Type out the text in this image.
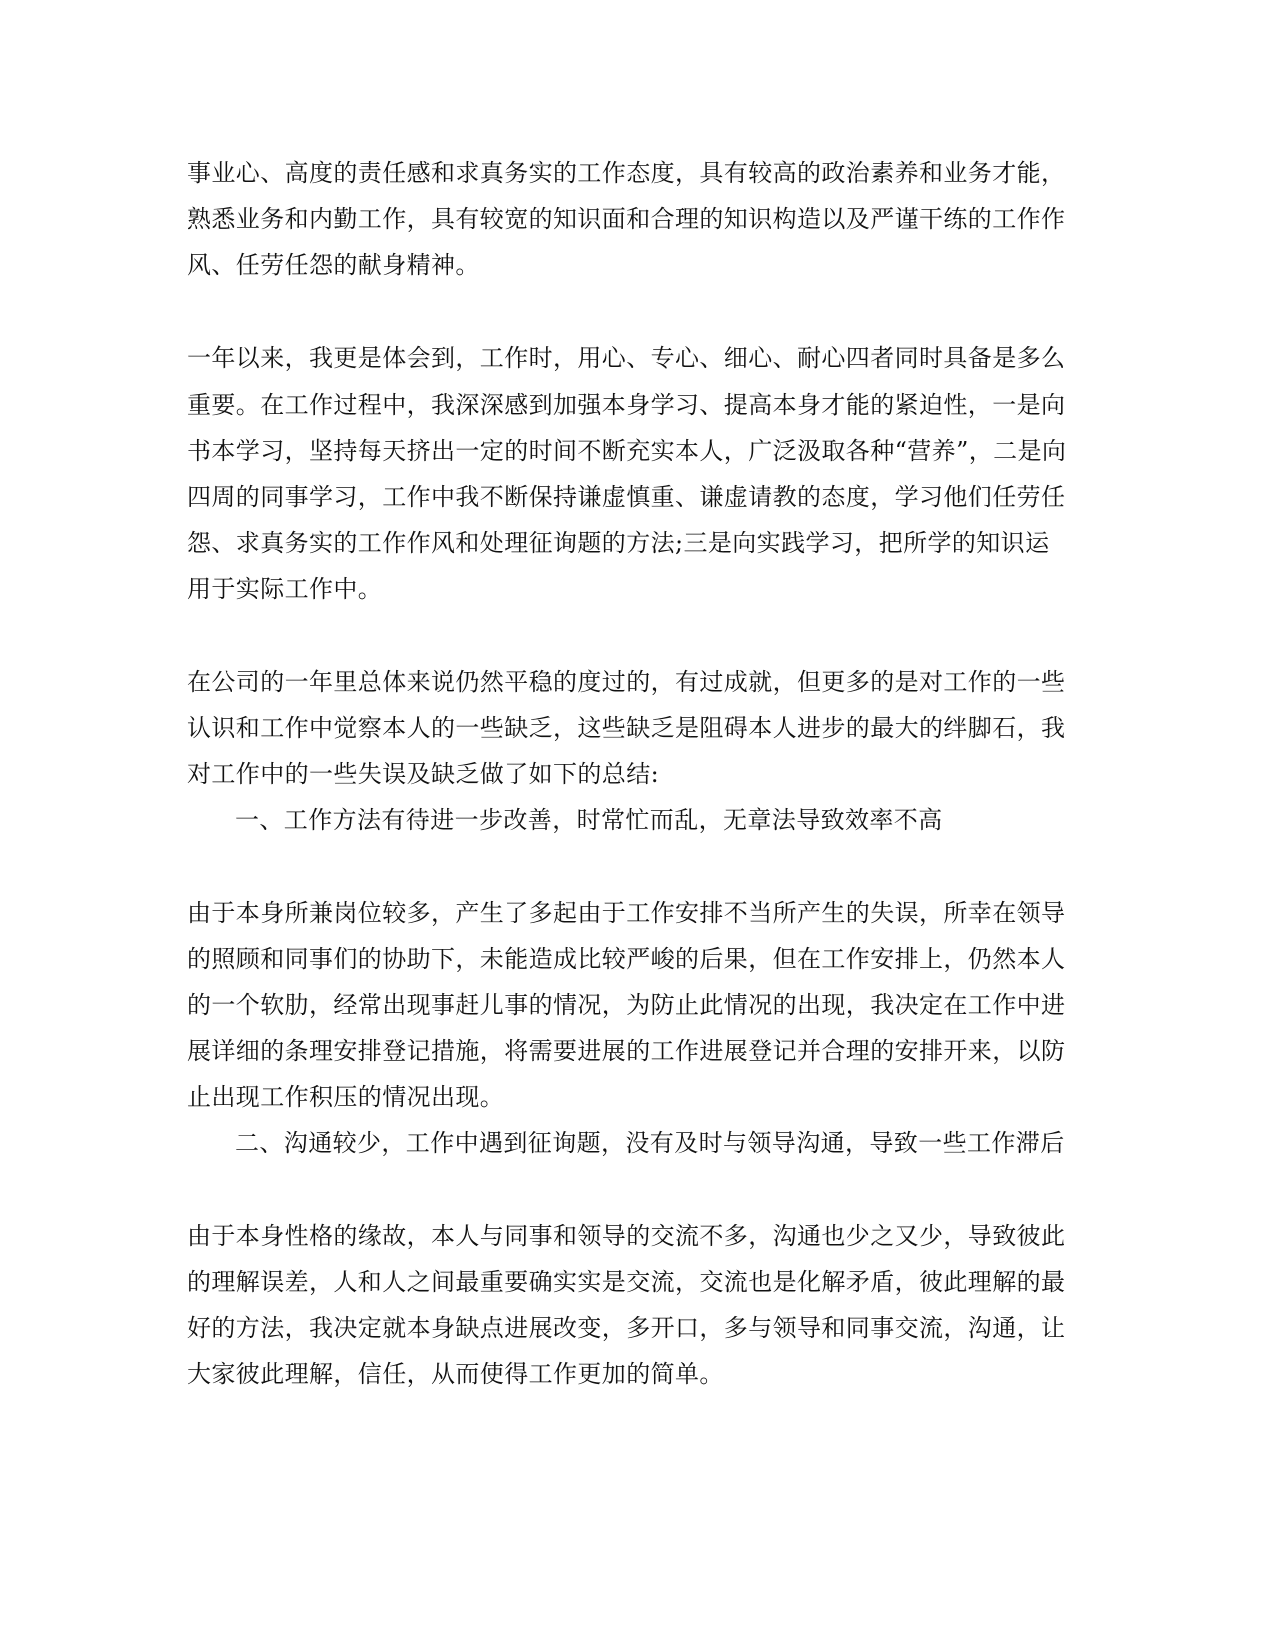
事业心、高度的责任感和求真务实的工作态度，具有较高的政治素养和业务才能，
熟悉业务和内勤工作，具有较宽的知识面和合理的知识构造以及严谨干练的工作作
风、任劳任怨的献身精神。
一年以来，我更是体会到，工作时，用心、专心、细心、耐心四者同时具备是多么
重要。在工作过程中，我深深感到加强本身学习、提高本身才能的紧迫性，一是向
书本学习，坚持每天挤出一定的时间不断充实本人，广泛汲取各种“营养”，二是向
四周的同事学习，工作中我不断保持谦虚慎重、谦虚请教的态度，学习他们任劳任
怨、求真务实的工作作风和处理征询题的方法;三是向实践学习，把所学的知识运
用于实际工作中。
在公司的一年里总体来说仍然平稳的度过的，有过成就，但更多的是对工作的一些
认识和工作中觉察本人的一些缺乏，这些缺乏是阻碍本人进步的最大的绊脚石，我
对工作中的一些失误及缺乏做了如下的总结:
一、工作方法有待进一步改善，时常忙而乱，无章法导致效率不高
由于本身所兼岗位较多，产生了多起由于工作安排不当所产生的失误，所幸在领导
的照顾和同事们的协助下，未能造成比较严峻的后果，但在工作安排上，仍然本人
的一个软肋，经常出现事赶儿事的情况，为防止此情况的出现，我决定在工作中进
展详细的条理安排登记措施，将需要进展的工作进展登记并合理的安排开来，以防
止出现工作积压的情况出现。
二、沟通较少，工作中遇到征询题，没有及时与领导沟通，导致一些工作滞后
由于本身性格的缘故，本人与同事和领导的交流不多，沟通也少之又少，导致彼此
的理解误差，人和人之间最重要确实实是交流，交流也是化解矛盾，彼此理解的最
好的方法，我决定就本身缺点进展改变，多开口，多与领导和同事交流，沟通，让
大家彼此理解，信任，从而使得工作更加的简单。
